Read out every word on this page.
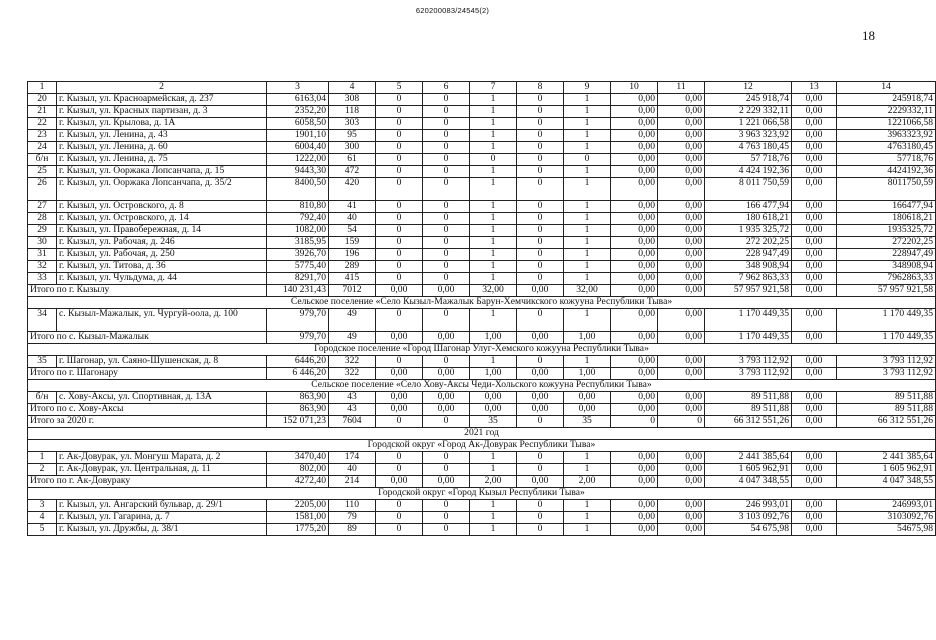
620200083/24545(2)
18
1	2	3	4	5	6	7	8	9	10	11	12	13	14
20	г. Кызыл, ул. Красноармейская, д. 237	6163,04	308	0	0	1	0	1	0,00	0,00	245 918,74	0,00	245918,74
21	г. Кызыл, ул. Красных партизан, д. 3	2352,20	118	0	0	1	0	1	0,00	0,00	2 229 332,11	0,00	2229332,11
22	г. Кызыл, ул. Крылова, д. 1А	6058,50	303	0	0	1	0	1	0,00	0,00	1 221 066,58	0,00	1221066,58
23	г. Кызыл, ул. Ленина, д. 43	1901,10	95	0	0	1	0	1	0,00	0,00	3 963 323,92	0,00	3963323,92
24	г. Кызыл, ул. Ленина, д. 60	6004,40	300	0	0	1	0	1	0,00	0,00	4 763 180,45	0,00	4763180,45
б/н	г. Кызыл, ул. Ленина, д. 75	1222,00	61	0	0	0	0	0	0,00	0,00	57 718,76	0,00	57718,76
25	г. Кызыл, ул. Ооржака Лопсанчапа, д. 15	9443,30	472	0	0	1	0	1	0,00	0,00	4 424 192,36	0,00	4424192,36
26	г. Кызыл, ул. Ооржака Лопсанчапа, д. 35/2	8400,50	420	0	0	1	0	1	0,00	0,00	8 011 750,59	0,00	8011750,59
27	г. Кызыл, ул. Островского, д. 8	810,80	41	0	0	1	0	1	0,00	0,00	166 477,94	0,00	166477,94
28	г. Кызыл, ул. Островского, д. 14	792,40	40	0	0	1	0	1	0,00	0,00	180 618,21	0,00	180618,21
29	г. Кызыл, ул. Правобережная, д. 14	1082,00	54	0	0	1	0	1	0,00	0,00	1 935 325,72	0,00	1935325,72
30	г. Кызыл, ул. Рабочая, д. 246	3185,95	159	0	0	1	0	1	0,00	0,00	272 202,25	0,00	272202,25
31	г. Кызыл, ул. Рабочая, д. 250	3926,70	196	0	0	1	0	1	0,00	0,00	228 947,49	0,00	228947,49
32	г. Кызыл, ул. Титова, д. 36	5775,40	289	0	0	1	0	1	0,00	0,00	348 908,94	0,00	348908,94
33	г. Кызыл, ул. Чульдума, д. 44	8291,70	415	0	0	1	0	1	0,00	0,00	7 962 863,33	0,00	7962863,33
Итого по г. Кызылу		140 231,43	7012	0,00	0,00	32,00	0,00	32,00	0,00	0,00	57 957 921,58	0,00	57 957 921,58
Сельское поселение «Село Кызыл-Мажалык Барун-Хемчикского кожууна Республики Тыва»													
34	с. Кызыл-Мажалык, ул. Чургуй-оола, д. 100	979,70	49	0	0	1	0	1	0,00	0,00	1 170 449,35	0,00	1 170 449,35
Итого по с. Кызыл-Мажалык		979,70	49	0,00	0,00	1,00	0,00	1,00	0,00	0,00	1 170 449,35	0,00	1 170 449,35
Городское поселение «Город Шагонар Улуг-Хемского кожууна Республики Тыва»													
35	г. Шагонар, ул. Саяно-Шушенская, д. 8	6446,20	322	0	0	1	0	1	0,00	0,00	3 793 112,92	0,00	3 793 112,92
Итого по г. Шагонару		6 446,20	322	0,00	0,00	1,00	0,00	1,00	0,00	0,00	3 793 112,92	0,00	3 793 112,92
Сельское поселение «Село Хову-Аксы Чеди-Хольского кожууна Республики Тыва»													
б/н	с. Хову-Аксы, ул. Спортивная, д. 13А	863,90	43	0,00	0,00	0,00	0,00	0,00	0,00	0,00	89 511,88	0,00	89 511,88
Итого по с. Хову-Аксы		863,90	43	0,00	0,00	0,00	0,00	0,00	0,00	0,00	89 511,88	0,00	89 511,88
Итого за 2020 г.		152 071,23	7604	0	0	35	0	35	0	0	66 312 551,26	0,00	66 312 551,26
2021 год													
Городской округ «Город Ак-Довурак Республики Тыва»													
1	г. Ак-Довурак, ул. Монгуш Марата, д. 2	3470,40	174	0	0	1	0	1	0,00	0,00	2 441 385,64	0,00	2 441 385,64
2	г. Ак-Довурак, ул. Центральная, д. 11	802,00	40	0	0	1	0	1	0,00	0,00	1 605 962,91	0,00	1 605 962,91
Итого по г. Ак-Довураку		4272,40	214	0,00	0,00	2,00	0,00	2,00	0,00	0,00	4 047 348,55	0,00	4 047 348,55
Городской округ «Город Кызыл Республики Тыва»													
3	г. Кызыл, ул. Ангарский бульвар, д. 29/1	2205,00	110	0	0	1	0	1	0,00	0,00	246 993,01	0,00	246993,01
4	г. Кызыл, ул. Гагарина, д. 7	1581,00	79	0	0	1	0	1	0,00	0,00	3 103 092,76	0,00	3103092,76
5	г. Кызыл, ул. Дружбы, д. 38/1	1775,20	89	0	0	1	0	1	0,00	0,00	54 675,98	0,00	54675,98
